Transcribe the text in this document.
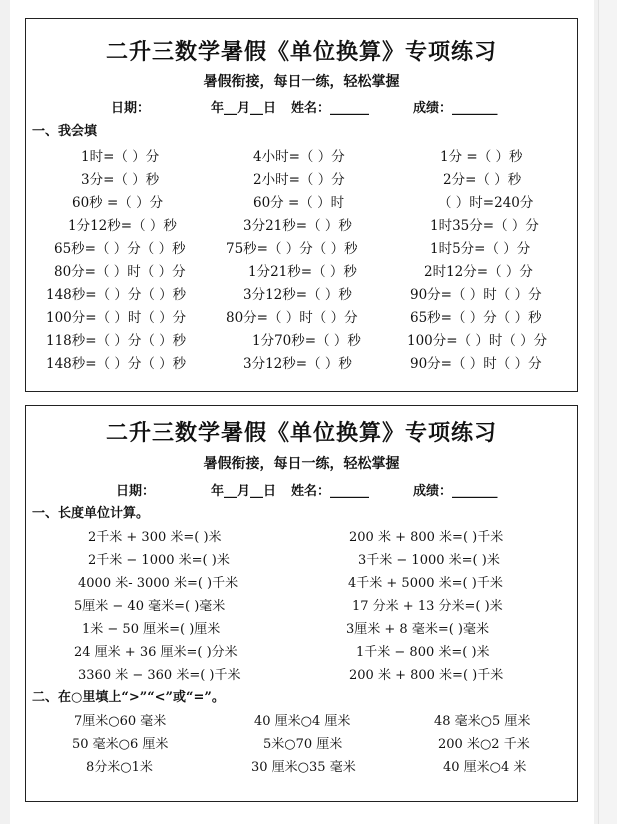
二升三数学暑假《单位换算》专项练习
暑假衔接，每日一练，轻松掌握
日期：	年__月__日 姓名：______	成绩：_______
一、我会填
1时=（ ）分	4小时=（ ）分	1分 =（ ）秒
3分=（ ）秒	2小时=（ ）分	2分=（ ）秒
60秒 =（ ）分	60分 =（ ）时	（ ）时=240分
1分12秒=（ ）秒	3分21秒=（ ）秒	1时35分=（ ）分
65秒=（ ）分（ ）秒	75秒=（ ）分（ ）秒	1时5分=（ ）分
80分=（ ）时（ ）分	1分21秒=（ ）秒	2时12分=（ ）分
148秒=（ ）分（ ）秒	3分12秒=（ ）秒	90分=（ ）时（ ）分
100分=（ ）时（ ）分	80分=（ ）时（ ）分	65秒=（ ）分（ ）秒
118秒=（ ）分（ ）秒	1分70秒=（ ）秒	100分=（ ）时（ ）分
148秒=（ ）分（ ）秒	3分12秒=（ ）秒	90分=（ ）时（ ）分
二升三数学暑假《单位换算》专项练习
暑假衔接，每日一练，轻松掌握
日期：	年__月__日 姓名：______	成绩：_______
一、长度单位计算。
2千米 + 300 米=( )米	200 米 + 800 米=( )千米
2千米 − 1000 米=( )米	3千米 − 1000 米=( )米
4000 米- 3000 米=( )千米	4千米 + 5000 米=( )千米
5厘米 − 40 毫米=( )毫米	17 分米 + 13 分米=( )米
1米 − 50 厘米=( )厘米	3厘米 + 8 毫米=( )毫米
24 厘米 + 36 厘米=( )分米	1千米 − 800 米=( )米
3360 米 − 360 米=( )千米	200 米 + 800 米=( )千米
二、在○里填上“>”“<”或“=”。
7厘米○60 毫米	40 厘米○4 厘米	48 毫米○5 厘米
50 毫米○6 厘米	5米○70 厘米	200 米○2 千米
8分米○1米	30 厘米○35 毫米	40 厘米○4 米
